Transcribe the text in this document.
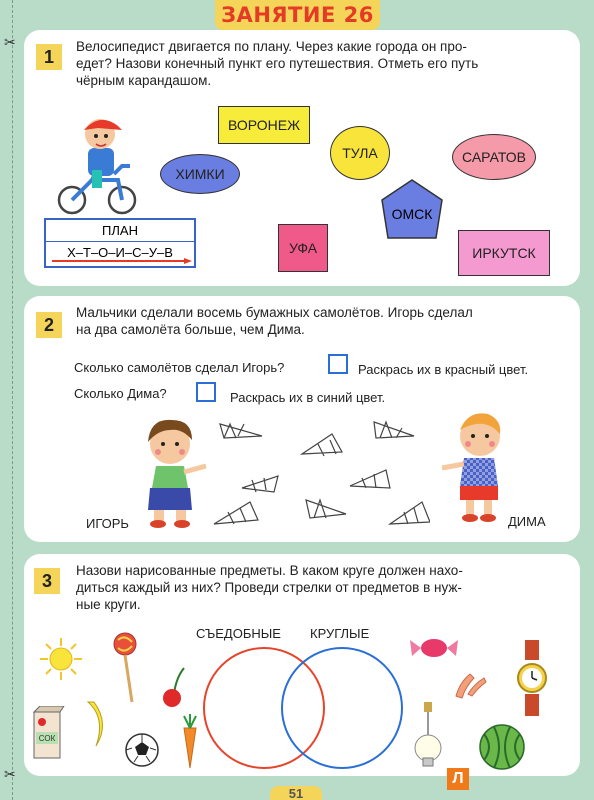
✂
✂
ЗАНЯТИЕ 26
1	Велосипедист двигается по плану. Через какие города он про-
едет? Назови конечный пункт его путешествия. Отметь его путь
чёрным карандашом.
ПЛАН
Х–Т–О–И–С–У–В
ВОРОНЕЖ
ТУЛА	САРАТОВ
ХИМКИ
ОМСК
УФА	ИРКУТСК
2
Мальчики сделали восемь бумажных самолётов. Игорь сделал
на два самолёта больше, чем Дима.
Сколько самолётов сделал Игорь?	Раскрась их в красный цвет.
Сколько Дима?	Раскрась их в синий цвет.
ИГОРЬ	ДИМА
3	Назови нарисованные предметы. В каком круге должен нахо-
диться каждый из них? Проведи стрелки от предметов в нуж-
ные круги.
СЪЕДОБНЫЕ КРУГЛЫЕ
СОК
Л
51
